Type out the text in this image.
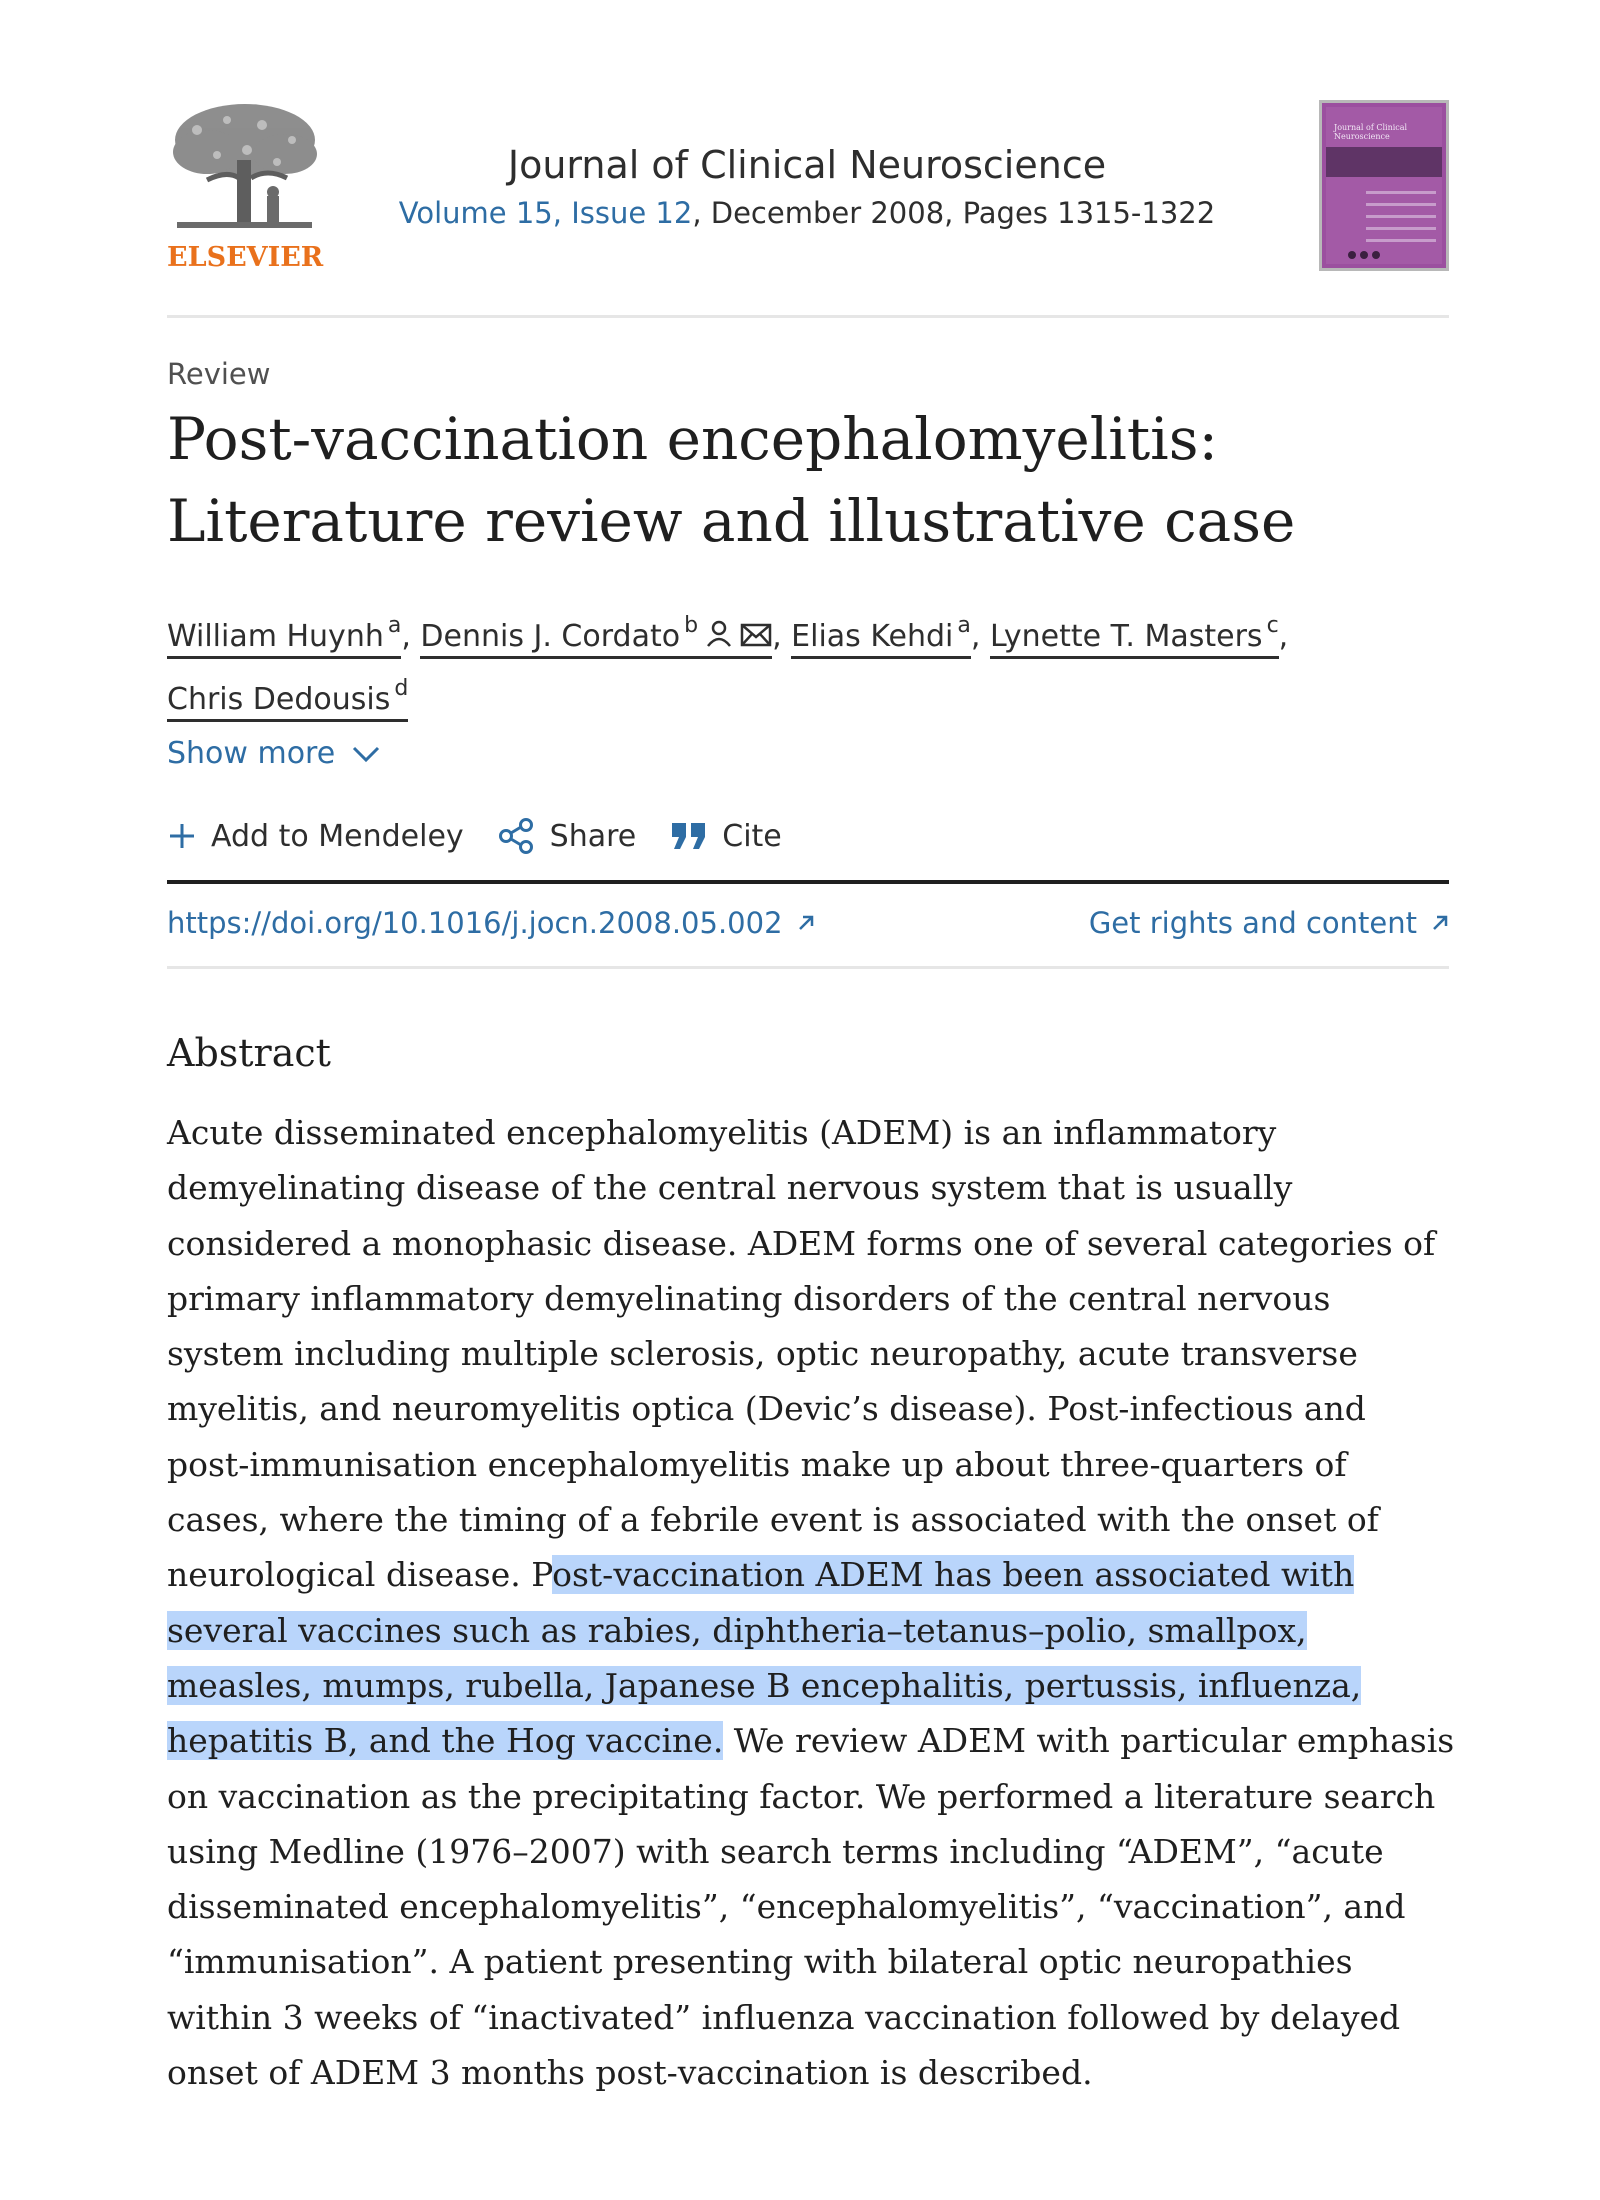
ELSEVIER
Journal of Clinical Neuroscience
Volume 15, Issue 12, December 2008, Pages 1315-1322
Journal of Clinical Neuroscience
Review
Post-vaccination encephalomyelitis: Literature review and illustrative case
William Huynh $^a$, Dennis J. Cordato $^b$ , Elias Kehdi $^a$, Lynette T. Masters $^c$,
Chris Dedousis $^d$
Show more
Add to Mendeley	Share	Cite
https://doi.org/10.1016/j.jocn.2008.05.002	Get rights and content
Abstract
Acute disseminated encephalomyelitis (ADEM) is an inflammatory demyelinating disease of the central nervous system that is usually considered a monophasic disease. ADEM forms one of several categories of primary inflammatory demyelinating disorders of the central nervous system including multiple sclerosis, optic neuropathy, acute transverse myelitis, and neuromyelitis optica (Devic’s disease). Post-infectious and post-immunisation encephalomyelitis make up about three-quarters of cases, where the timing of a febrile event is associated with the onset of neurological disease. Post-vaccination ADEM has been associated with several vaccines such as rabies, diphtheria–tetanus–polio, smallpox, measles, mumps, rubella, Japanese B encephalitis, pertussis, influenza, hepatitis B, and the Hog vaccine. We review ADEM with particular emphasis on vaccination as the precipitating factor. We performed a literature search using Medline (1976–2007) with search terms including “ADEM”, “acute disseminated encephalomyelitis”, “encephalomyelitis”, “vaccination”, and “immunisation”. A patient presenting with bilateral optic neuropathies within 3 weeks of “inactivated” influenza vaccination followed by delayed onset of ADEM 3 months post-vaccination is described.
